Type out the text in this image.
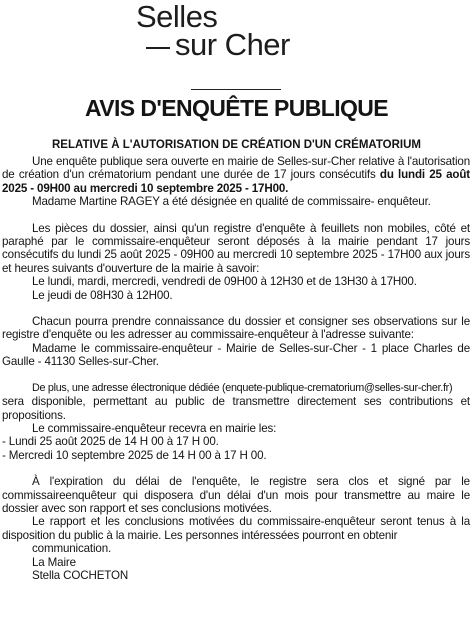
Selles
sur Cher
AVIS D'ENQUÊTE PUBLIQUE
RELATIVE À L'AUTORISATION DE CRÉATION D'UN CRÉMATORIUM

Une enquête publique sera ouverte en mairie de Selles-sur-Cher relative à l'autorisation de création d'un crématorium pendant une durée de 17 jours consécutifs du lundi 25 août 2025 - 09H00 au mercredi 10 septembre 2025 - 17H00.

Madame Martine RAGEY a été désignée en qualité de commissaire- enquêteur.

Les pièces du dossier, ainsi qu'un registre d'enquête à feuillets non mobiles, côté et paraphé par le commissaire-enquêteur seront déposés à la mairie pendant 17 jours consécutifs du lundi 25 août 2025 - 09H00 au mercredi 10 septembre 2025 - 17H00 aux jours et heures suivants d'ouverture de la mairie à savoir:

Le lundi, mardi, mercredi, vendredi de 09H00 à 12H30 et de 13H30 à 17H00.

Le jeudi de 08H30 à 12H00.

Chacun pourra prendre connaissance du dossier et consigner ses observations sur le registre d'enquête ou les adresser au commissaire-enquêteur à l'adresse suivante:

Madame le commissaire-enquêteur - Mairie de Selles-sur-Cher - 1 place Charles de Gaulle - 41130 Selles-sur-Cher.

De plus, une adresse électronique dédiée (enquete-publique-crematorium@selles-sur-cher.fr)

sera disponible, permettant au public de transmettre directement ses contributions et propositions.

Le commissaire-enquêteur recevra en mairie les:

- Lundi 25 août 2025 de 14 H 00 à 17 H 00.

- Mercredi 10 septembre 2025 de 14 H 00 à 17 H 00.

À l'expiration du délai de l'enquête, le registre sera clos et signé par le commissaireenquêteur qui disposera d'un délai d'un mois pour transmettre au maire le dossier avec son rapport et ses conclusions motivées.

Le rapport et les conclusions motivées du commissaire-enquêteur seront tenus à la disposition du public à la mairie. Les personnes intéressées pourront en obtenir

communication.

La Maire

Stella COCHETON
